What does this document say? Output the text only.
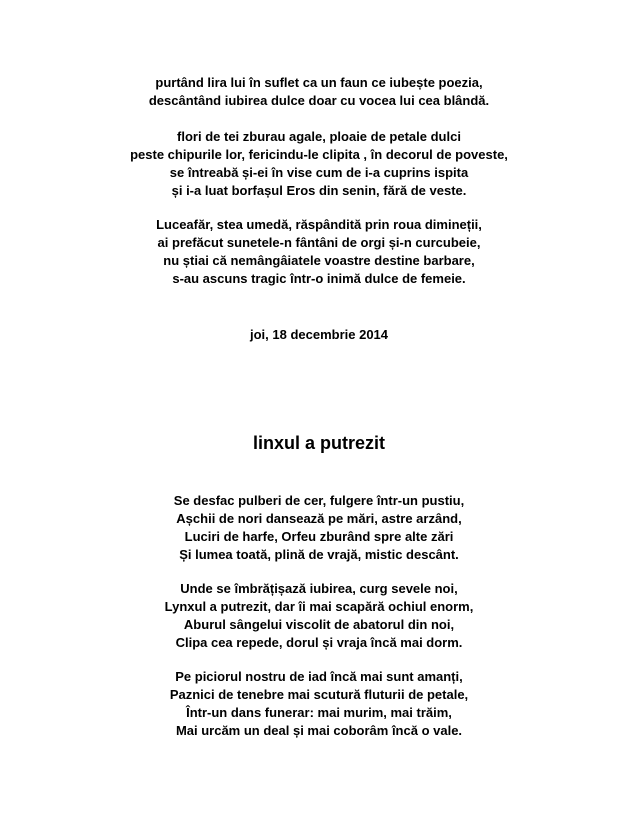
purtând lira lui în suflet ca un faun ce iubește poezia,
descântând iubirea dulce doar cu vocea lui cea blândă.
flori de tei zburau agale, ploaie de petale dulci
peste chipurile lor, fericindu-le clipita , în decorul de poveste,
se întreabă și-ei în vise cum de i-a cuprins ispita
și i-a luat borfașul Eros din senin, fără de veste.
Luceafăr, stea umedă, răspândită prin roua dimineții,
ai prefăcut sunetele-n fântâni de orgi și-n curcubeie,
nu știai că nemângâiatele voastre destine barbare,
s-au ascuns tragic într-o inimă dulce de femeie.
joi, 18 decembrie 2014
linxul a putrezit
Se desfac pulberi de cer, fulgere într-un pustiu,
Așchii de nori dansează pe mări, astre arzând,
Luciri de harfe, Orfeu zburând spre alte zări
Și lumea toată, plină de vrajă, mistic descânt.
Unde se îmbrățișază iubirea, curg sevele noi,
Lynxul a putrezit, dar îi mai scapără ochiul enorm,
Aburul sângelui viscolit de abatorul din noi,
Clipa cea repede, dorul și vraja încă mai dorm.
Pe piciorul nostru de iad încă mai sunt amanți,
Paznici de tenebre mai scutură fluturii de petale,
Într-un dans funerar: mai murim, mai trăim,
Mai urcăm un deal și mai coborâm încă o vale.
